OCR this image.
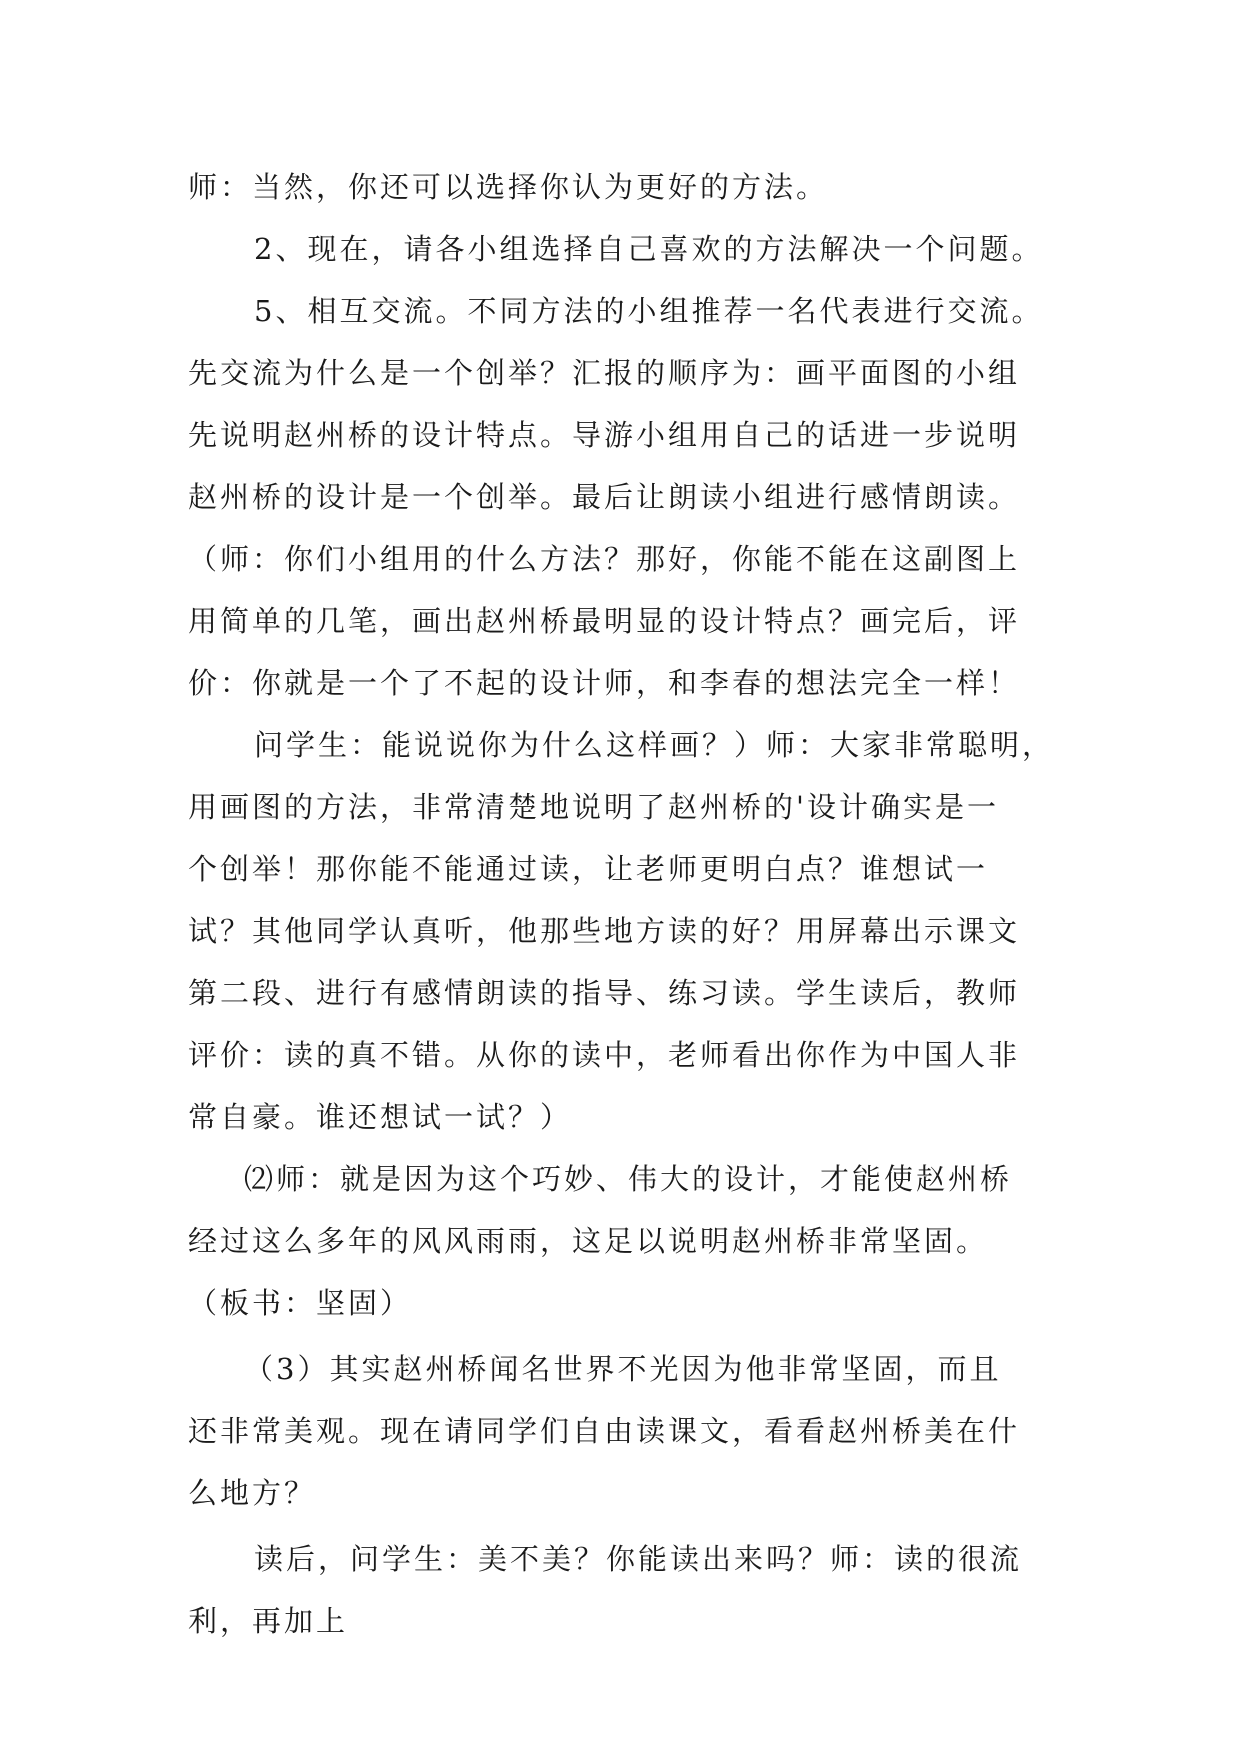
师：当然，你还可以选择你认为更好的方法。
2、现在，请各小组选择自己喜欢的方法解决一个问题。
5、相互交流。不同方法的小组推荐一名代表进行交流。
先交流为什么是一个创举？汇报的顺序为：画平面图的小组
先说明赵州桥的设计特点。导游小组用自己的话进一步说明
赵州桥的设计是一个创举。最后让朗读小组进行感情朗读。
（师：你们小组用的什么方法？那好，你能不能在这副图上
用简单的几笔，画出赵州桥最明显的设计特点？画完后，评
价：你就是一个了不起的设计师，和李春的想法完全一样！
问学生：能说说你为什么这样画？）师：大家非常聪明，
用画图的方法，非常清楚地说明了赵州桥的'设计确实是一
个创举！那你能不能通过读，让老师更明白点？谁想试一
试？其他同学认真听，他那些地方读的好？用屏幕出示课文
第二段、进行有感情朗读的指导、练习读。学生读后，教师
评价：读的真不错。从你的读中，老师看出你作为中国人非
常自豪。谁还想试一试？）
⑵师：就是因为这个巧妙、伟大的设计，才能使赵州桥
经过这么多年的风风雨雨，这足以说明赵州桥非常坚固。
（板书：坚固）
（3）其实赵州桥闻名世界不光因为他非常坚固，而且
还非常美观。现在请同学们自由读课文，看看赵州桥美在什
么地方？
读后，问学生：美不美？你能读出来吗？师：读的很流
利，再加上
